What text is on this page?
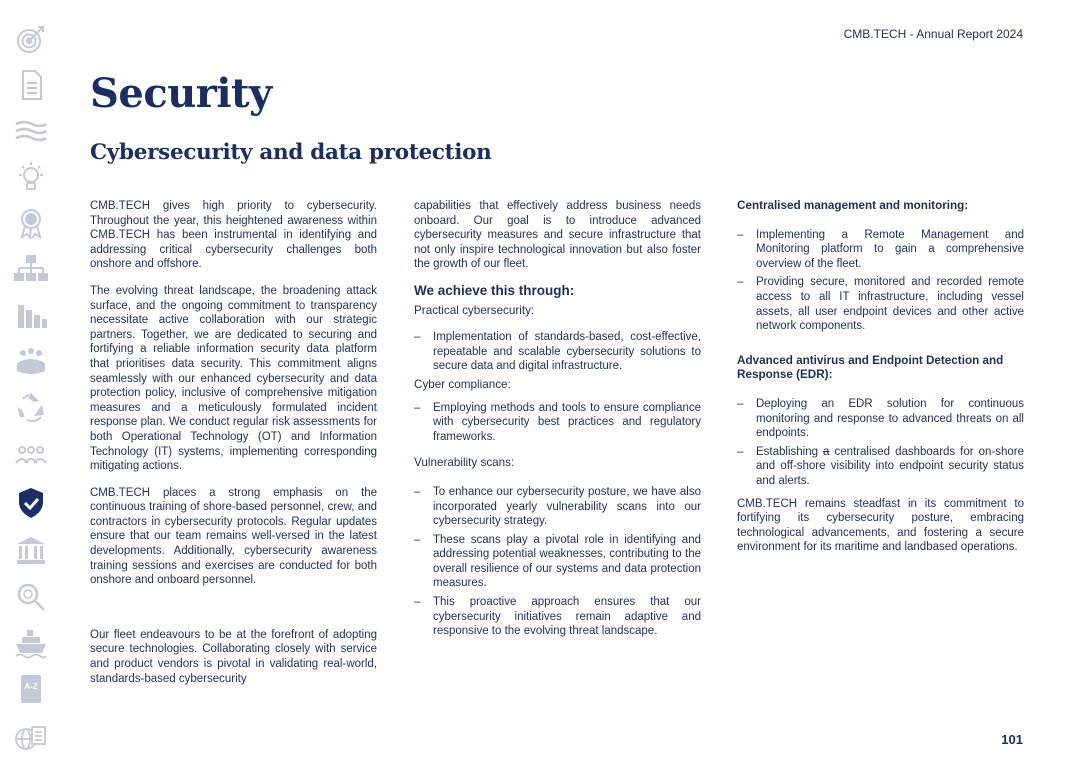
A-Z
CMB.TECH - Annual Report 2024
Security
Cybersecurity and data protection

CMB.TECH gives high priority to cybersecurity. Throughout the year, this heightened awareness within CMB.TECH has been instrumental in identifying and addressing critical cybersecurity challenges both onshore and offshore.

The evolving threat landscape, the broadening attack surface, and the ongoing commitment to transparency necessitate active collaboration with our strategic partners. Together, we are dedicated to securing and fortifying a reliable information security data platform that prioritises data security. This commitment aligns seamlessly with our enhanced cybersecurity and data protection policy, inclusive of comprehensive mitigation measures and a meticulously formulated incident response plan. We conduct regular risk assessments for both Operational Technology (OT) and Information Technology (IT) systems, implementing corresponding mitigating actions.

CMB.TECH places a strong emphasis on the continuous training of shore-based personnel, crew, and contractors in cybersecurity protocols. Regular updates ensure that our team remains well-versed in the latest developments. Additionally, cybersecurity awareness training sessions and exercises are conducted for both onshore and onboard personnel.

Our fleet endeavours to be at the forefront of adopting secure technologies. Collaborating closely with service and product vendors is pivotal in validating real-world, standards-based cybersecurity

capabilities that effectively address business needs onboard. Our goal is to introduce advanced cybersecurity measures and secure infrastructure that not only inspire technological innovation but also foster the growth of our fleet.

We achieve this through:
Practical cybersecurity:
– Implementation of standards-based, cost-effective, repeatable and scalable cybersecurity solutions to secure data and digital infrastructure.
Cyber compliance:
– Employing methods and tools to ensure compliance with cybersecurity best practices and regulatory frameworks.
Vulnerability scans:
– To enhance our cybersecurity posture, we have also incorporated yearly vulnerability scans into our cybersecurity strategy.
– These scans play a pivotal role in identifying and addressing potential weaknesses, contributing to the overall resilience of our systems and data protection measures.
– This proactive approach ensures that our cybersecurity initiatives remain adaptive and responsive to the evolving threat landscape.
Centralised management and monitoring:
– Implementing a Remote Management and Monitoring platform to gain a comprehensive overview of the fleet.
– Providing secure, monitored and recorded remote access to all IT infrastructure, including vessel assets, all user endpoint devices and other active network components.
Advanced antivirus and Endpoint Detection and Response (EDR):
– Deploying an EDR solution for continuous monitoring and response to advanced threats on all endpoints.
– Establishing a centralised dashboards for on-shore and off-shore visibility into endpoint security status and alerts.

CMB.TECH remains steadfast in its commitment to fortifying its cybersecurity posture, embracing technological advancements, and fostering a secure environment for its maritime and landbased operations.

101
